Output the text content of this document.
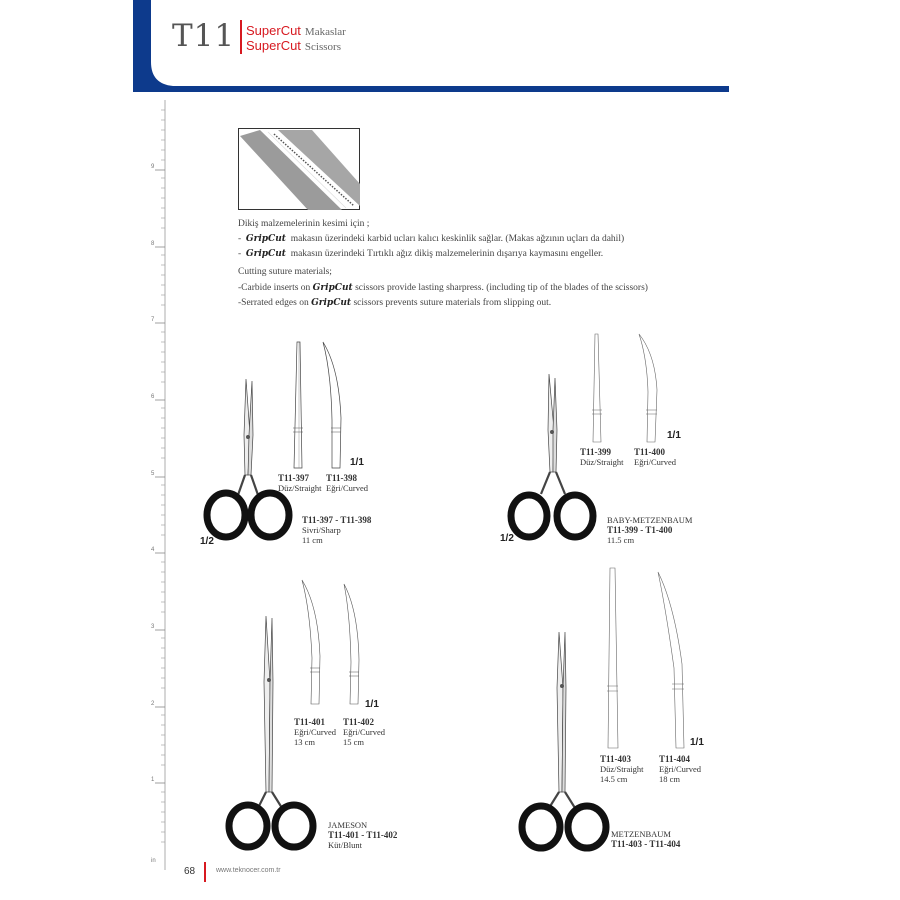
T11 SuperCut Makaslar
SuperCut Scissors
9
8
7
6
5
4
3
2
1
in
Dikiş malzemelerinin kesimi için ;
- GripCut makasın üzerindeki karbid ucları kalıcı keskinlik sağlar. (Makas ağzının uçları da dahil)
- GripCut makasın üzerindeki Tırtıklı ağız dikiş malzemelerinin dışarıya kaymasını engeller.
Cutting suture materials;
-Carbide inserts on GripCut scissors provide lasting sharpress. (including tip of the blades of the scissors)
-Serrated edges on GripCut scissors prevents suture materials from slipping out.
1/1
1/2
T11-397
Düz/Straight
T11-398
Eğri/Curved
T11-397 - T11-398
Sivri/Sharp
11 cm
1/1
1/2
T11-399
Düz/Straight
T11-400
Eğri/Curved
BABY-METZENBAUM
T11-399 - T1-400
11.5 cm
1/1
T11-401
Eğri/Curved
13 cm
T11-402
Eğri/Curved
15 cm
JAMESON
T11-401 - T11-402
Küt/Blunt
1/1
T11-403
Düz/Straight
14.5 cm
T11-404
Eğri/Curved
18 cm
METZENBAUM
T11-403 - T11-404
68	www.teknocer.com.tr
